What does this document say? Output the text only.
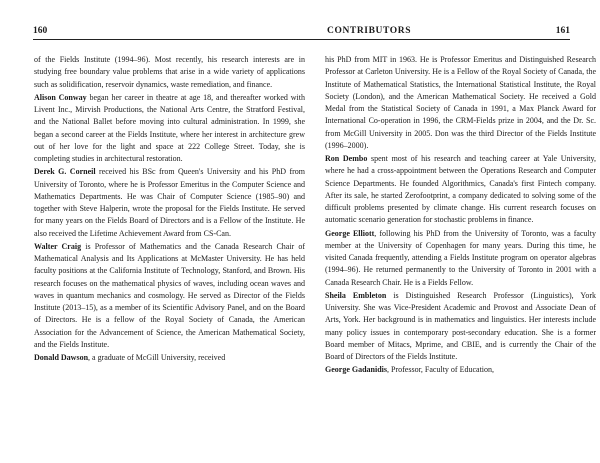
160	CONTRIBUTORS	161

of the Fields Institute (1994–96). Most recently, his research interests are in studying free boundary value problems that arise in a wide variety of applications such as solidification, reservoir dynamics, waste remediation, and finance.

Alison Conway began her career in theatre at age 18, and thereafter worked with Livent Inc., Mirvish Productions, the National Arts Centre, the Stratford Festival, and the National Ballet before moving into cultural administration. In 1999, she began a second career at the Fields Institute, where her interest in architecture grew out of her love for the light and space at 222 College Street. Today, she is completing studies in architectural restoration.

Derek G. Corneil received his BSc from Queen's University and his PhD from University of Toronto, where he is Professor Emeritus in the Computer Science and Mathematics Departments. He was Chair of Computer Science (1985–90) and together with Steve Halperin, wrote the proposal for the Fields Institute. He served for many years on the Fields Board of Directors and is a Fellow of the Institute. He also received the Lifetime Achievement Award from CS-Can.

Walter Craig is Professor of Mathematics and the Canada Research Chair of Mathematical Analysis and Its Applications at McMaster University. He has held faculty positions at the California Institute of Technology, Stanford, and Brown. His research focuses on the mathematical physics of waves, including ocean waves and waves in quantum mechanics and cosmology. He served as Director of the Fields Institute (2013–15), as a member of its Scientific Advisory Panel, and on the Board of Directors. He is a fellow of the Royal Society of Canada, the American Association for the Advancement of Science, the American Mathematical Society, and the Fields Institute.

Donald Dawson, a graduate of McGill University, received

his PhD from MIT in 1963. He is Professor Emeritus and Distinguished Research Professor at Carleton University. He is a Fellow of the Royal Society of Canada, the Institute of Mathematical Statistics, the International Statistical Institute, the Royal Society (London), and the American Mathematical Society. He received a Gold Medal from the Statistical Society of Canada in 1991, a Max Planck Award for International Co-operation in 1996, the CRM-Fields prize in 2004, and the Dr. Sc. from McGill University in 2005. Don was the third Director of the Fields Institute (1996–2000).

Ron Dembo spent most of his research and teaching career at Yale University, where he had a cross-appointment between the Operations Research and Computer Science Departments. He founded Algorithmics, Canada's first Fintech company. After its sale, he started Zerofootprint, a company dedicated to solving some of the difficult problems presented by climate change. His current research focuses on automatic scenario generation for stochastic problems in finance.

George Elliott, following his PhD from the University of Toronto, was a faculty member at the University of Copenhagen for many years. During this time, he visited Canada frequently, attending a Fields Institute program on operator algebras (1994–96). He returned permanently to the University of Toronto in 2001 with a Canada Research Chair. He is a Fields Fellow.

Sheila Embleton is Distinguished Research Professor (Linguistics), York University. She was Vice-President Academic and Provost and Associate Dean of Arts, York. Her background is in mathematics and linguistics. Her interests include many policy issues in contemporary post-secondary education. She is a former Board member of Mitacs, Mprime, and CBIE, and is currently the Chair of the Board of Directors of the Fields Institute.

George Gadanidis, Professor, Faculty of Education,
